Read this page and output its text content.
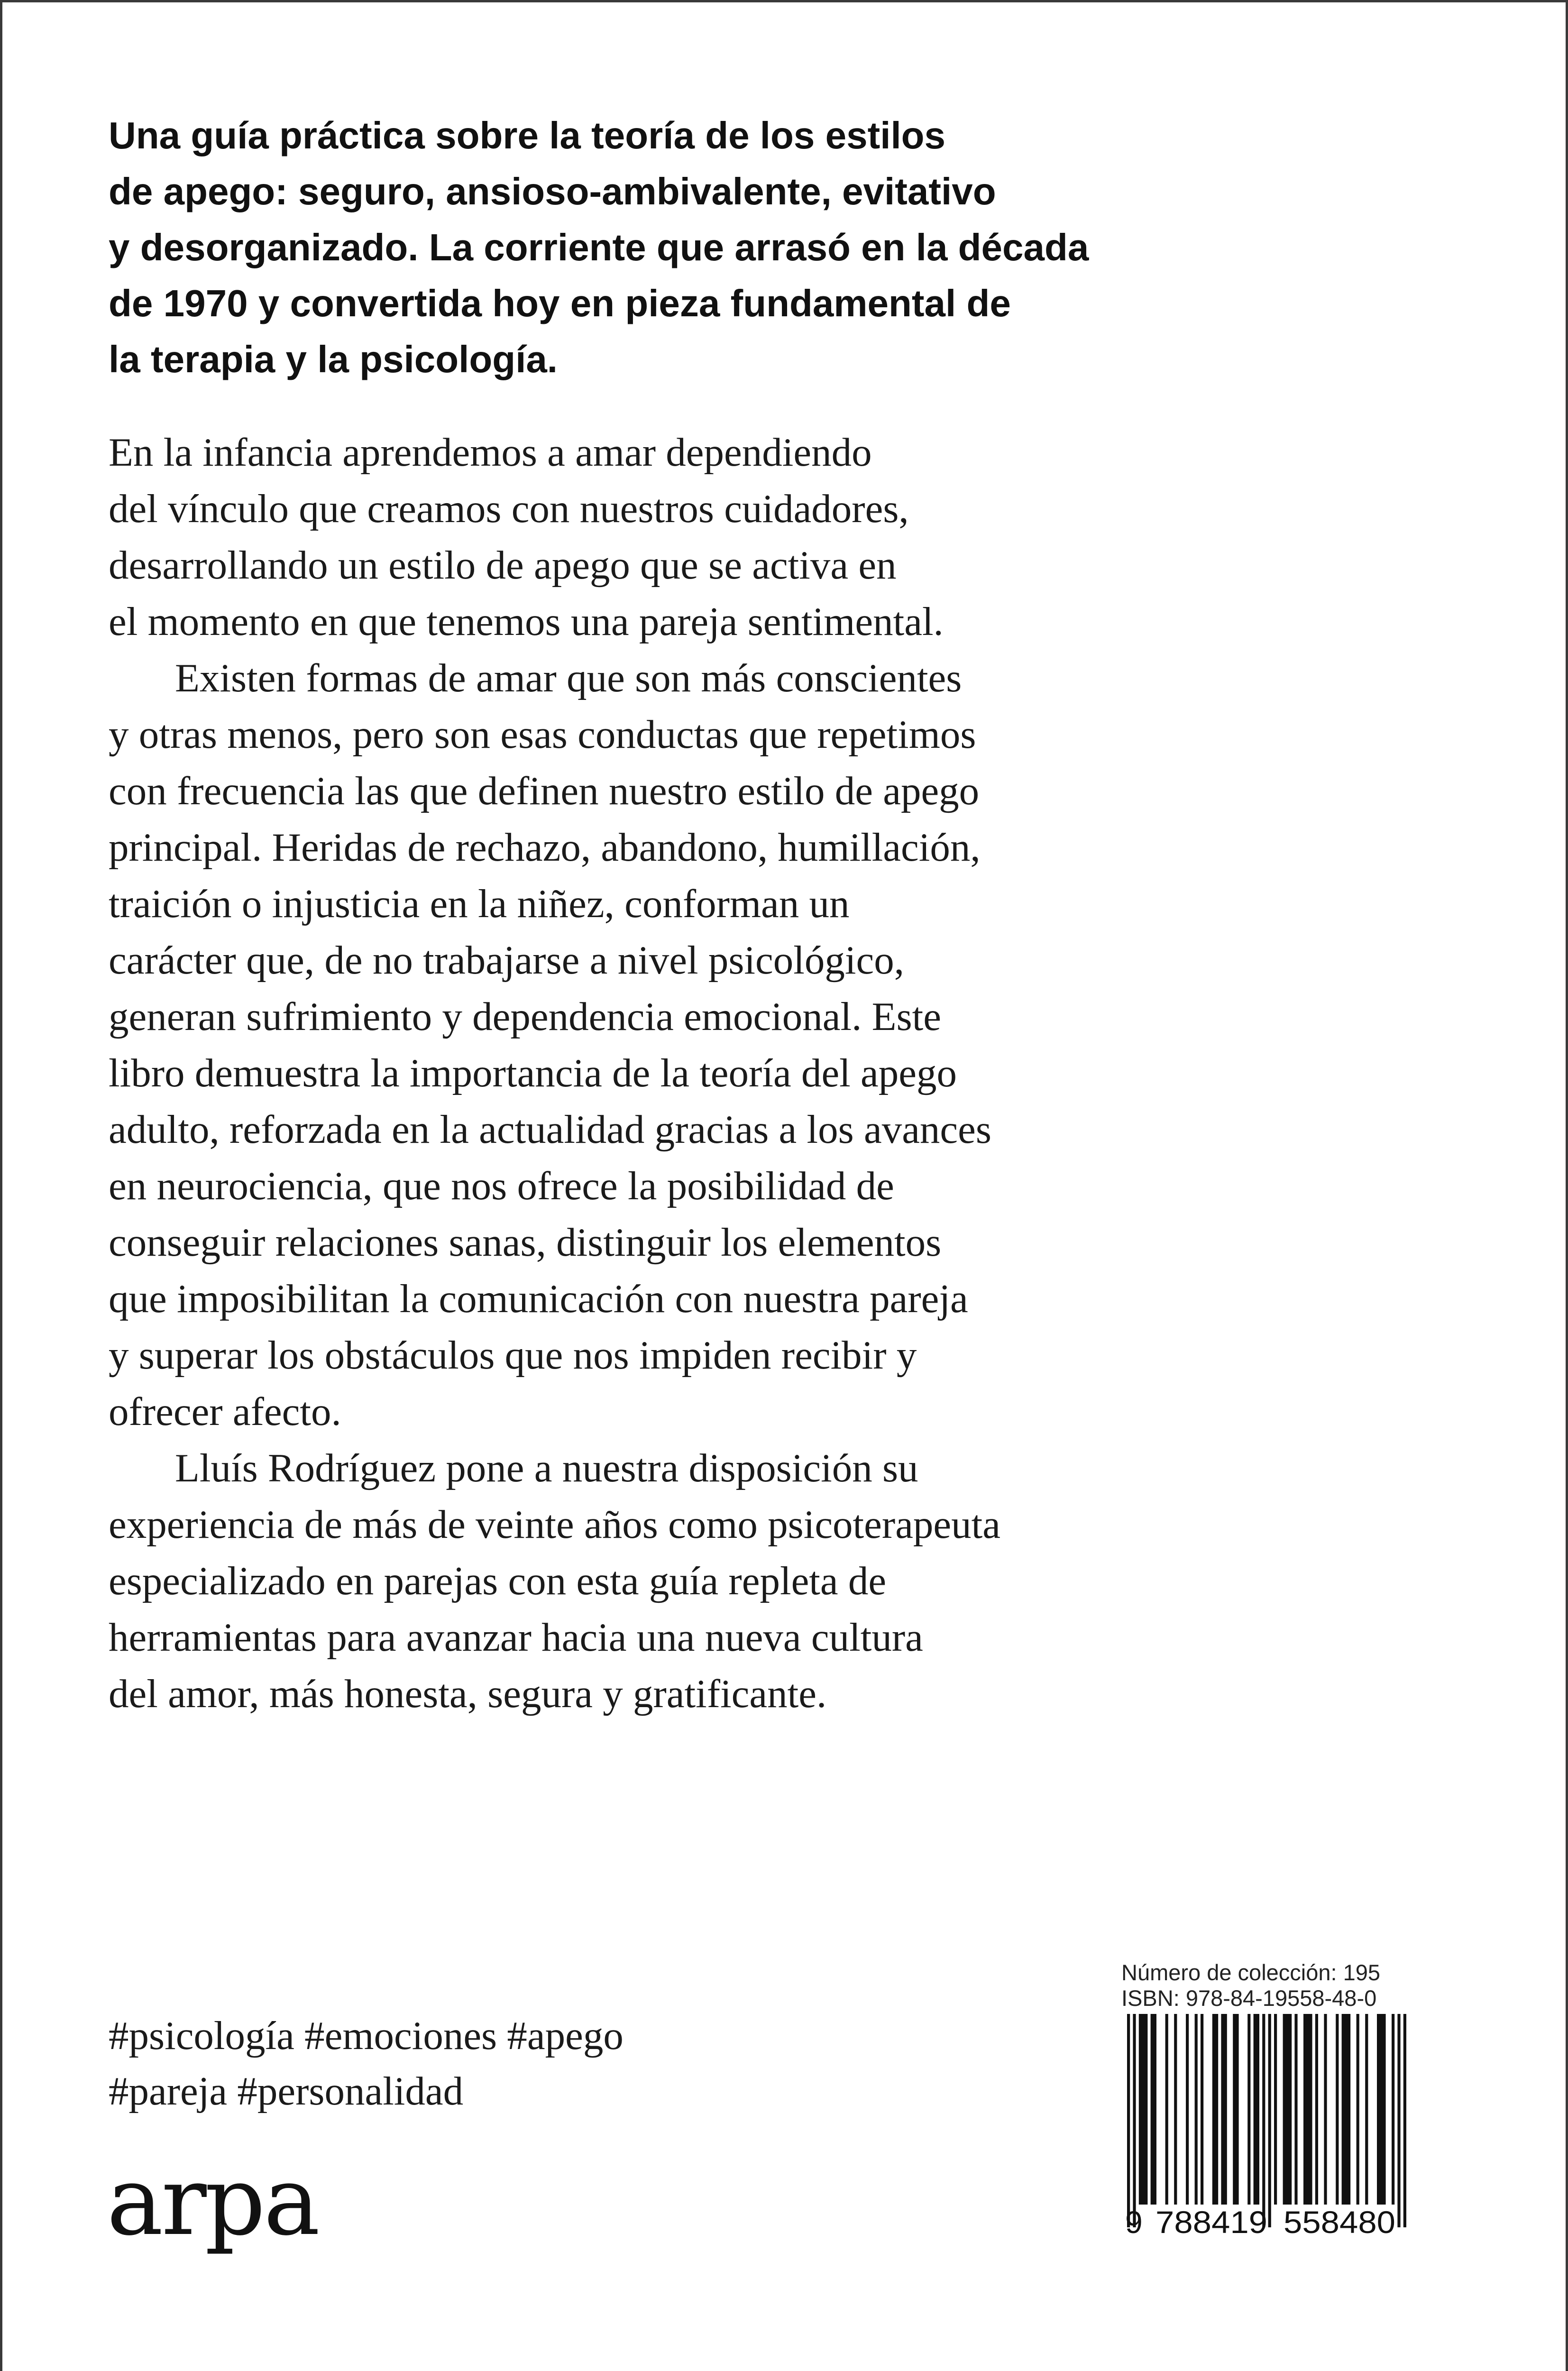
Una guía práctica sobre la teoría de los estilos
de apego: seguro, ansioso-ambivalente, evitativo
y desorganizado. La corriente que arrasó en la década
de 1970 y convertida hoy en pieza fundamental de
la terapia y la psicología.

En la infancia aprendemos a amar dependiendo
del vínculo que creamos con nuestros cuidadores,
desarrollando un estilo de apego que se activa en
el momento en que tenemos una pareja sentimental.

Existen formas de amar que son más conscientes
y otras menos, pero son esas conductas que repetimos
con frecuencia las que definen nuestro estilo de apego
principal. Heridas de rechazo, abandono, humillación,
traición o injusticia en la niñez, conforman un
carácter que, de no trabajarse a nivel psicológico,
generan sufrimiento y dependencia emocional. Este
libro demuestra la importancia de la teoría del apego
adulto, reforzada en la actualidad gracias a los avances
en neurociencia, que nos ofrece la posibilidad de
conseguir relaciones sanas, distinguir los elementos
que imposibilitan la comunicación con nuestra pareja
y superar los obstáculos que nos impiden recibir y
ofrecer afecto.

Lluís Rodríguez pone a nuestra disposición su
experiencia de más de veinte años como psicoterapeuta
especializado en parejas con esta guía repleta de
herramientas para avanzar hacia una nueva cultura
del amor, más honesta, segura y gratificante.

#psicología #emociones #apego
#pareja #personalidad
arpa
Número de colección: 195
ISBN: 978-84-19558-48-0
9 788419 558480
